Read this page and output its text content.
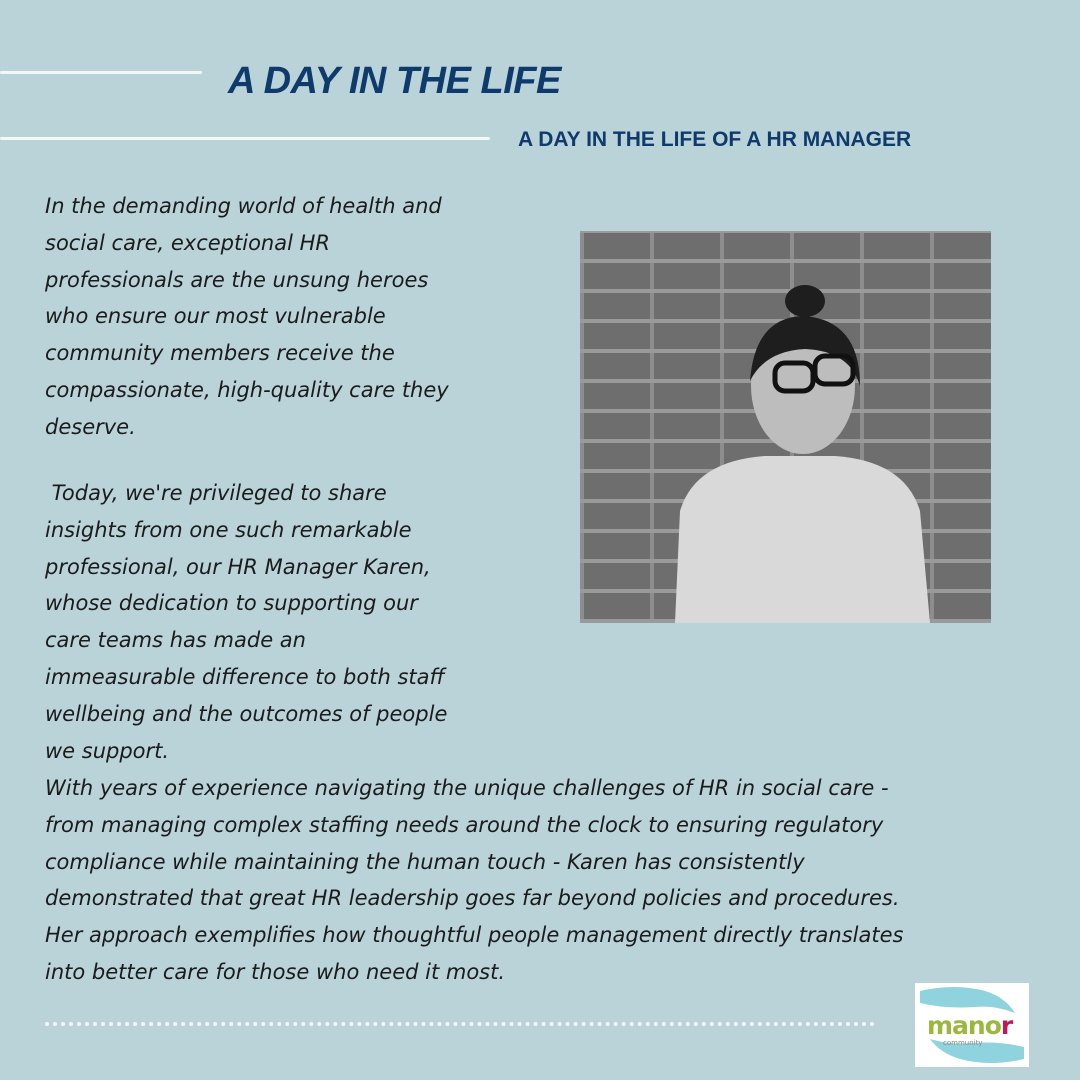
A DAY IN THE LIFE
A DAY IN THE LIFE OF A HR MANAGER
In the demanding world of health and
social care, exceptional HR
professionals are the unsung heroes
who ensure our most vulnerable
community members receive the
compassionate, high-quality care they
deserve.
Today, we're privileged to share
insights from one such remarkable
professional, our HR Manager Karen,
whose dedication to supporting our
care teams has made an
immeasurable difference to both staff
wellbeing and the outcomes of people
we support.
With years of experience navigating the unique challenges of HR in social care -
from managing complex staffing needs around the clock to ensuring regulatory
compliance while maintaining the human touch - Karen has consistently
demonstrated that great HR leadership goes far beyond policies and procedures.
Her approach exemplifies how thoughtful people management directly translates
into better care for those who need it most.
manor
community
